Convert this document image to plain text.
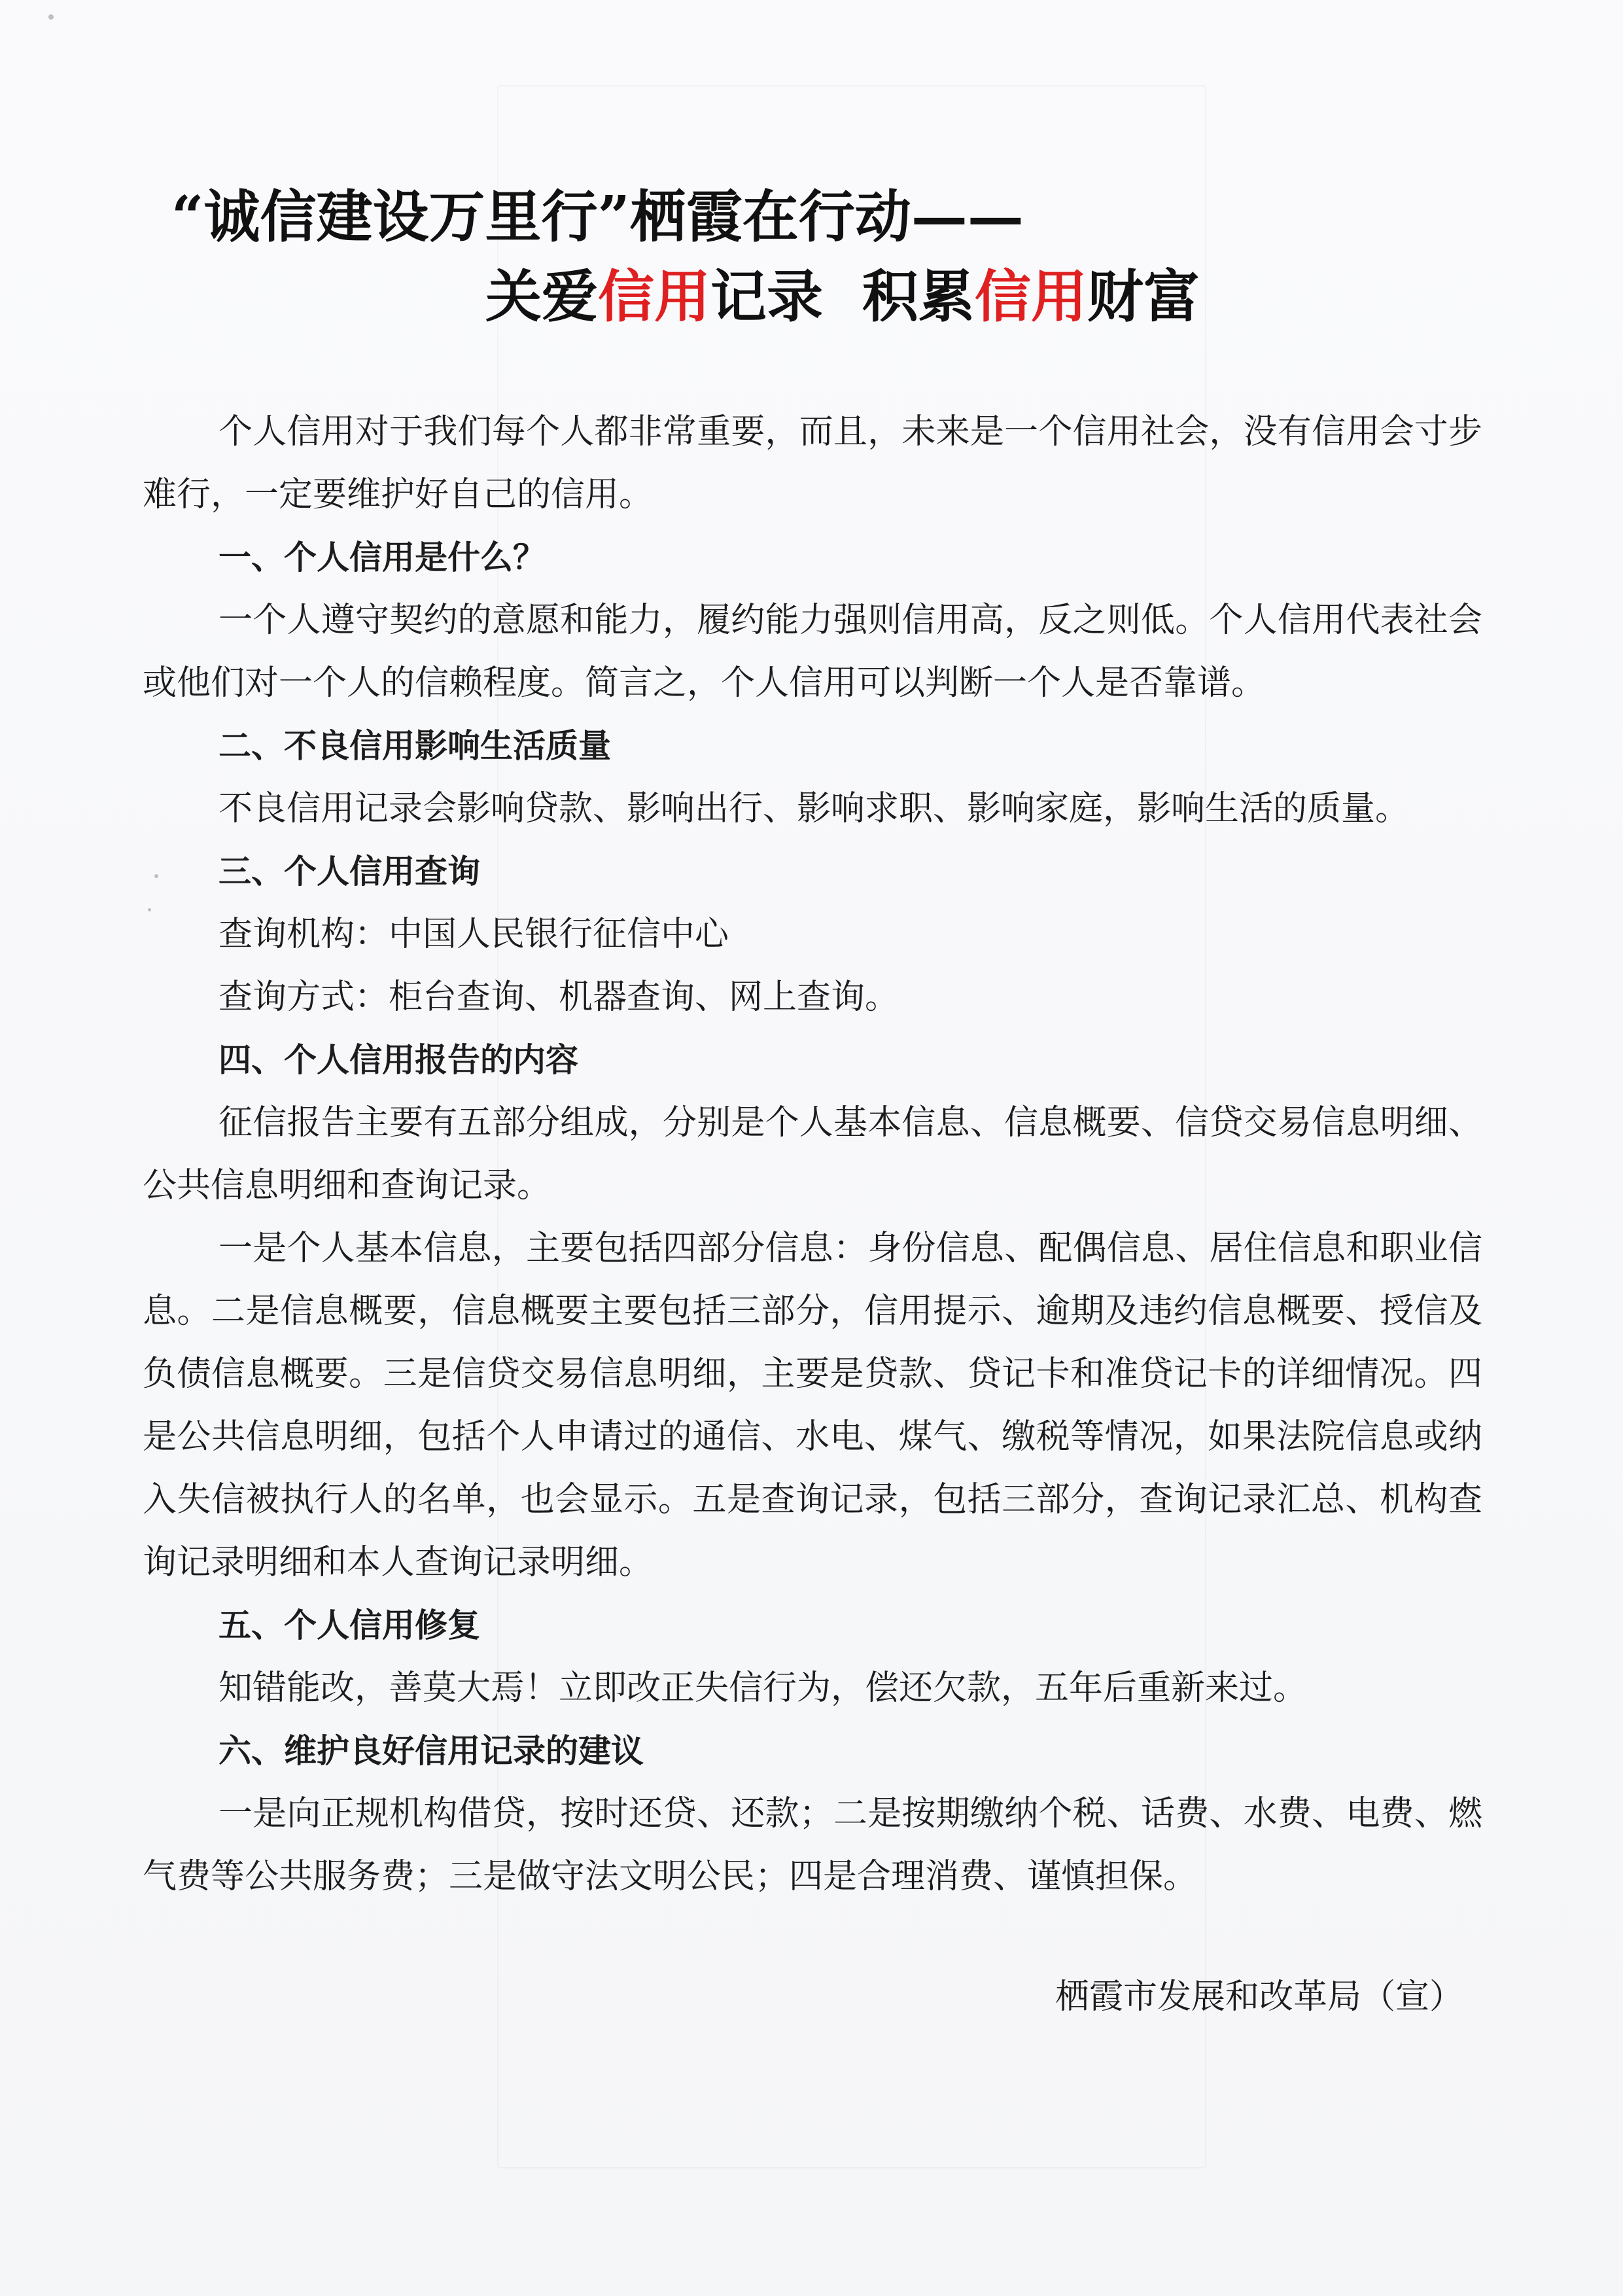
“诚信建设万里行”栖霞在行动——
关爱信用记录  积累信用财富

个人信用对于我们每个人都非常重要，而且，未来是一个信用社会，没有信用会寸步难行，一定要维护好自己的信用。

一、个人信用是什么？

一个人遵守契约的意愿和能力，履约能力强则信用高，反之则低。个人信用代表社会或他们对一个人的信赖程度。简言之，个人信用可以判断一个人是否靠谱。

二、不良信用影响生活质量

不良信用记录会影响贷款、影响出行、影响求职、影响家庭，影响生活的质量。

三、个人信用查询

查询机构：中国人民银行征信中心

查询方式：柜台查询、机器查询、网上查询。

四、个人信用报告的内容

征信报告主要有五部分组成，分别是个人基本信息、信息概要、信贷交易信息明细、公共信息明细和查询记录。

一是个人基本信息，主要包括四部分信息：身份信息、配偶信息、居住信息和职业信息。二是信息概要，信息概要主要包括三部分，信用提示、逾期及违约信息概要、授信及负债信息概要。三是信贷交易信息明细，主要是贷款、贷记卡和准贷记卡的详细情况。四是公共信息明细，包括个人申请过的通信、水电、煤气、缴税等情况，如果法院信息或纳入失信被执行人的名单，也会显示。五是查询记录，包括三部分，查询记录汇总、机构查询记录明细和本人查询记录明细。

五、个人信用修复

知错能改，善莫大焉！立即改正失信行为，偿还欠款，五年后重新来过。

六、维护良好信用记录的建议

一是向正规机构借贷，按时还贷、还款；二是按期缴纳个税、话费、水费、电费、燃气费等公共服务费；三是做守法文明公民；四是合理消费、谨慎担保。

栖霞市发展和改革局（宣）
